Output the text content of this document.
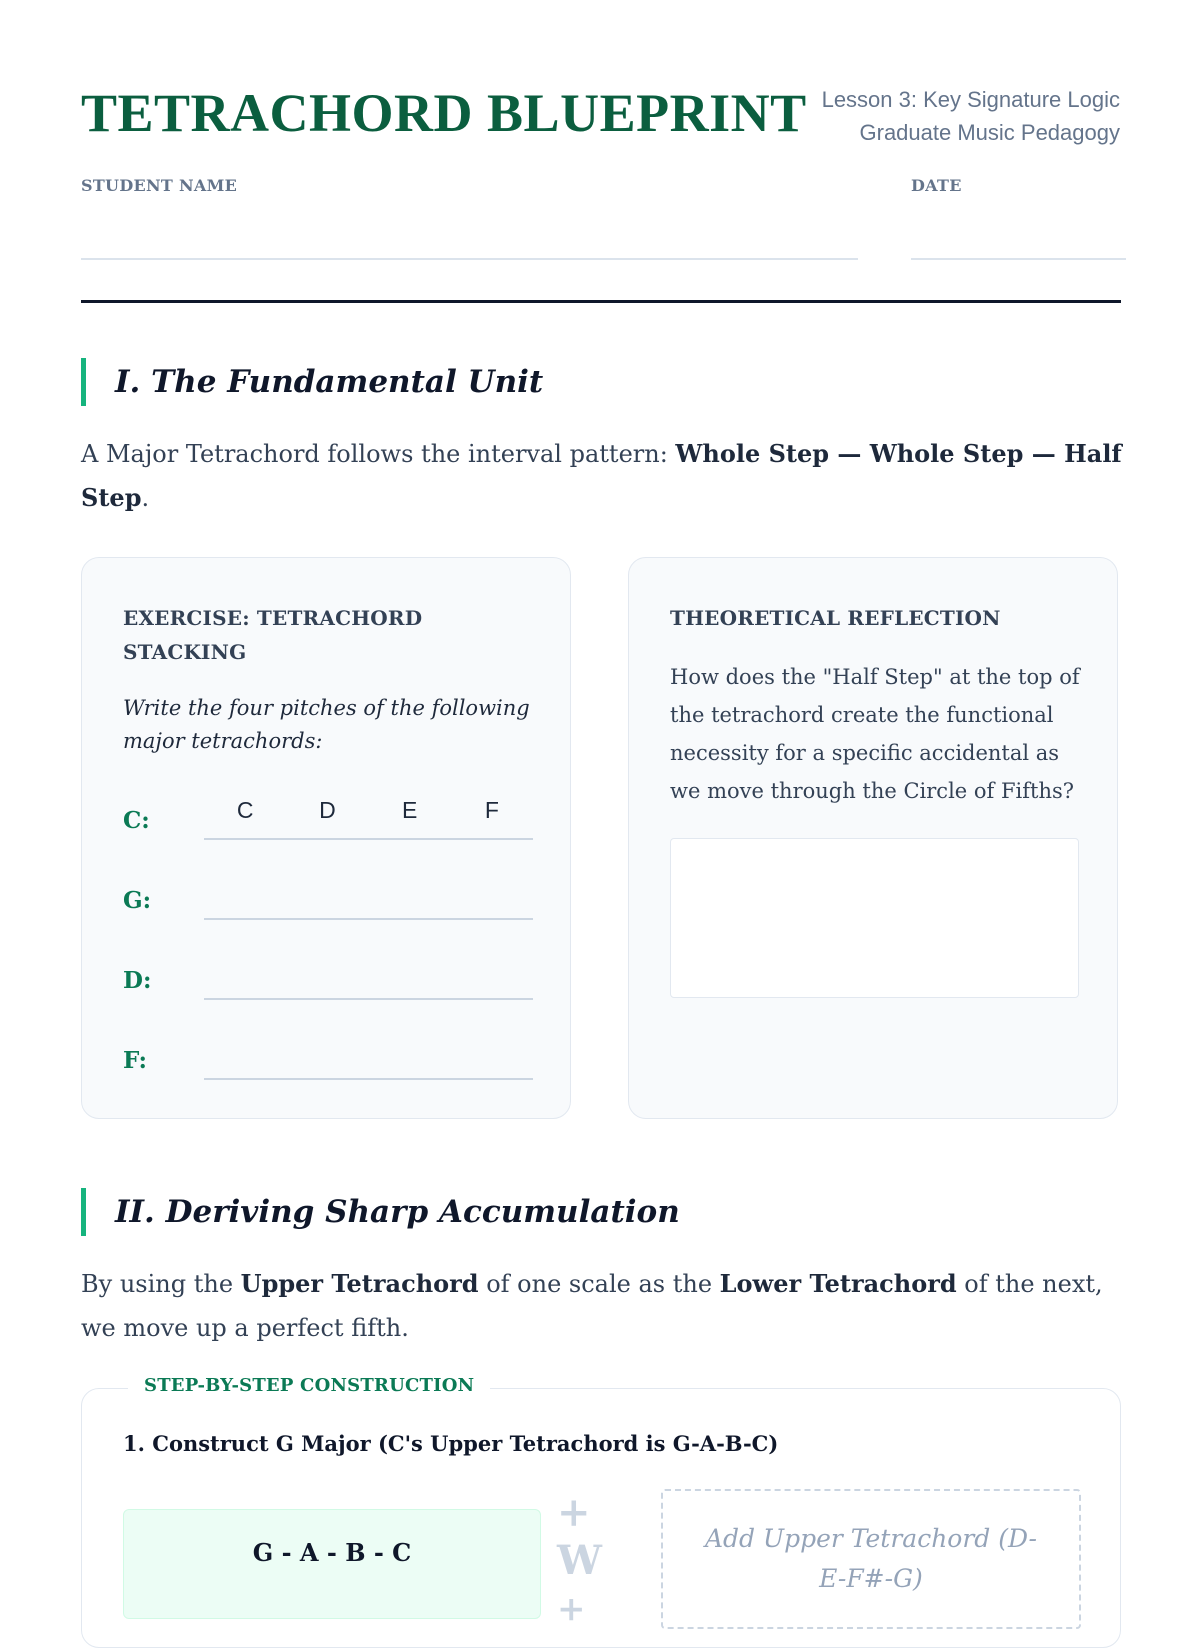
TETRACHORD BLUEPRINT Lesson 3: Key Signature Logic
Graduate Music Pedagogy
STUDENT NAME	DATE
I. The Fundamental Unit

A Major Tetrachord follows the interval pattern: Whole Step — Whole Step — Half Step.

EXERCISE: TETRACHORD STACKING

Write the four pitches of the following major tetrachords:

C:	C	D	E	F
G:
D:
F:
THEORETICAL REFLECTION

How does the "Half Step" at the top of the tetrachord create the functional necessity for a specific accidental as we move through the Circle of Fifths?

II. Deriving Sharp Accumulation

By using the Upper Tetrachord of one scale as the Lower Tetrachord of the next, we move up a perfect fifth.

STEP-BY-STEP CONSTRUCTION
1. Construct G Major (C's Upper Tetrachord is G-A-B-C)
G - A - B - C
+ W
+
Add Upper Tetrachord (D-E-F#-G)
